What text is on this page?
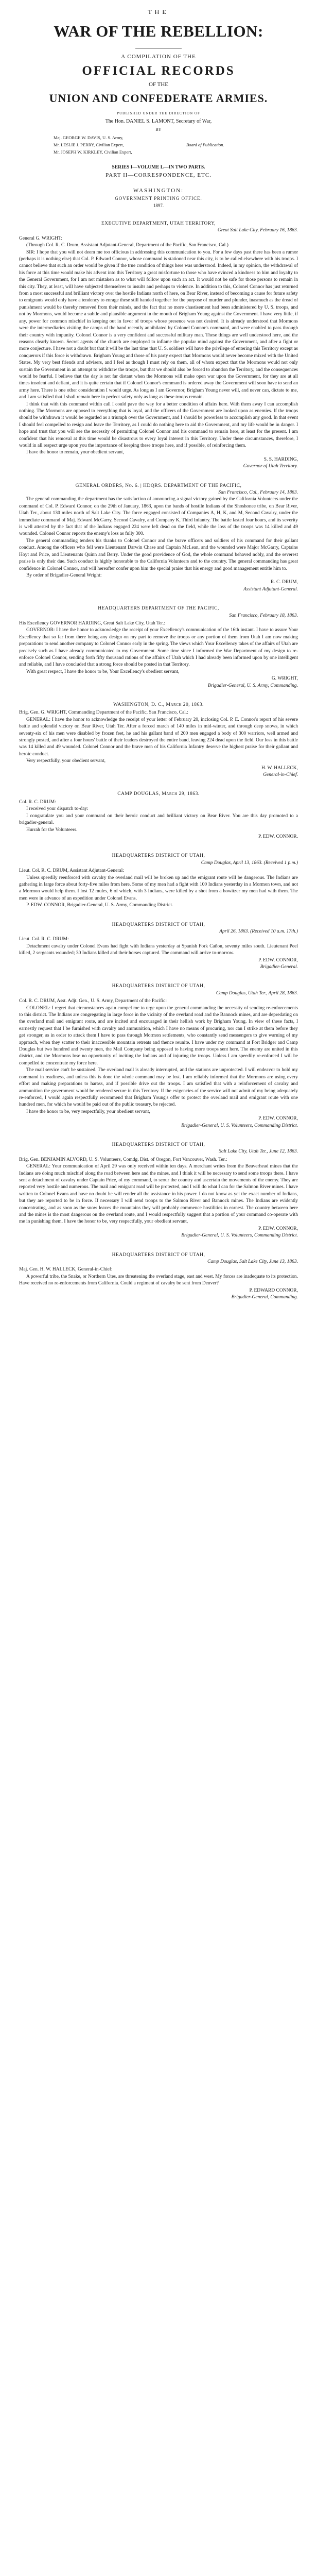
THE
WAR OF THE REBELLION:
A COMPILATION OF THE
OFFICIAL RECORDS
OF THE
UNION AND CONFEDERATE ARMIES.
PUBLISHED UNDER THE DIRECTION OF
The Hon. DANIEL S. LAMONT, Secretary of War,
BY
Maj. GEORGE W. DAVIS, U. S. Army,
Mr. LESLIE J. PERRY, Civilian Expert,	Board of Publication.
Mr. JOSEPH W. KIRKLEY, Civilian Expert,
SERIES I—VOLUME L—IN TWO PARTS.
PART II—CORRESPONDENCE, ETC.
WASHINGTON:
GOVERNMENT PRINTING OFFICE.
1897.

EXECUTIVE DEPARTMENT, UTAH TERRITORY,

Great Salt Lake City, February 16, 1863.

General G. WRIGHT:

(Through Col. R. C. Drum, Assistant Adjutant-General, Department of the Pacific, San Francisco, Cal.)

SIR: I hope that you will not deem me too officious in addressing this communication to you. For a few days past there has been a rumor (perhaps it is nothing else) that Col. P. Edward Connor, whose command is stationed near this city, is to be called elsewhere with his troops. I cannot believe that such an order would be given if the true condition of things here was understood. Indeed, in my opinion, the withdrawal of his force at this time would make his advent into this Territory a great misfortune to those who have evinced a kindness to him and loyalty to the General Government, for I am not mistaken as to what will follow upon such an act. It would not be safe for those persons to remain in this city. They, at least, will have subjected themselves to insults and perhaps to violence. In addition to this, Colonel Connor has just returned from a most successful and brilliant victory over the hostile Indians north of here, on Bear River, instead of becoming a cause for future safety to emigrants would only have a tendency to enrage these still banded together for the purpose of murder and plunder, inasmuch as the dread of punishment would be thereby removed from their minds, and the fact that no more chastisement had been administered by U. S. troops, and not by Mormons, would become a subtle and plausible argument in the mouth of Brigham Young against the Government. I have very little, if any, power for common mischief in keeping out in favor of troops whose presence was not desired. It is already understood that Mormons were the intermediaries visiting the camps of the band recently annihilated by Colonel Connor's command, and were enabled to pass through their country with impunity. Colonel Connor is a very confident and successful military man. These things are well understood here, and the reasons clearly known. Secret agents of the church are employed to inflame the popular mind against the Government, and after a fight or more conjecture. I have not a doubt but that it will be the last time that U. S. soldiers will have the privilege of entering this Territory except as conquerors if this force is withdrawn. Brigham Young and those of his party expect that Mormons would never become mixed with the United States. My very best friends and advisers, and I feel as though I must rely on them, all of whom expect that the Mormons would not only sustain the Government in an attempt to withdraw the troops, but that we should also be forced to abandon the Territory, and the consequences would be fearful. I believe that the day is not far distant when the Mormons will make open war upon the Government, for they are at all times insolent and defiant, and it is quite certain that if Colonel Connor's command is ordered away the Government will soon have to send an army here. There is one other consideration I would urge. As long as I am Governor, Brigham Young never will, and never can, dictate to me, and I am satisfied that I shall remain here in perfect safety only as long as these troops remain.

I think that with this command within call I could pave the way for a better condition of affairs here. With them away I can accomplish nothing. The Mormons are opposed to everything that is loyal, and the officers of the Government are looked upon as enemies. If the troops should be withdrawn it would be regarded as a triumph over the Government, and I should be powerless to accomplish any good. In that event I should feel compelled to resign and leave the Territory, as I could do nothing here to aid the Government, and my life would be in danger. I hope and trust that you will see the necessity of permitting Colonel Connor and his command to remain here, at least for the present. I am confident that his removal at this time would be disastrous to every loyal interest in this Territory. Under these circumstances, therefore, I would in all respect urge upon you the importance of keeping these troops here, and if possible, of reinforcing them.

I have the honor to remain, your obedient servant,

S. S. HARDING,

Governor of Utah Territory.

GENERAL ORDERS, No. 6. | HDQRS. DEPARTMENT OF THE PACIFIC,

San Francisco, Cal., February 14, 1863.

The general commanding the department has the satisfaction of announcing a signal victory gained by the California Volunteers under the command of Col. P. Edward Connor, on the 29th of January, 1863, upon the bands of hostile Indians of the Shoshonee tribe, on Bear River, Utah Ter., about 130 miles north of Salt Lake City. The force engaged consisted of Companies A, H, K, and M, Second Cavalry, under the immediate command of Maj. Edward McGarry, Second Cavalry, and Company K, Third Infantry. The battle lasted four hours, and its severity is well attested by the fact that of the Indians engaged 224 were left dead on the field, while the loss of the troops was 14 killed and 49 wounded. Colonel Connor reports the enemy's loss as fully 300.

The general commanding tenders his thanks to Colonel Connor and the brave officers and soldiers of his command for their gallant conduct. Among the officers who fell were Lieutenant Darwin Chase and Captain McLean, and the wounded were Major McGarry, Captains Hoyt and Price, and Lieutenants Quinn and Berry. Under the good providence of God, the whole command behaved nobly, and the severest praise is only their due. Such conduct is highly honorable to the California Volunteers and to the country. The general commanding has great confidence in Colonel Connor, and will hereafter confer upon him the special praise that his energy and good management entitle him to.

By order of Brigadier-General Wright:

R. C. DRUM,

Assistant Adjutant-General.

HEADQUARTERS DEPARTMENT OF THE PACIFIC,

San Francisco, February 18, 1863.

His Excellency GOVERNOR HARDING, Great Salt Lake City, Utah Ter.:

GOVERNOR: I have the honor to acknowledge the receipt of your Excellency's communication of the 16th instant. I have to assure Your Excellency that so far from there being any design on my part to remove the troops or any portion of them from Utah I am now making preparations to send another company to Colonel Connor early in the spring. The views which Your Excellency takes of the affairs of Utah are precisely such as I have already communicated to my Government. Some time since I informed the War Department of my design to re-enforce Colonel Connor, sending forth fifty thousand rations of the affairs of Utah which I had already been informed upon by one intelligent and reliable, and I have concluded that a strong force should be posted in that Territory.

With great respect, I have the honor to be, Your Excellency's obedient servant,

G. WRIGHT,

Brigadier-General, U. S. Army, Commanding.

WASHINGTON, D. C., March 20, 1863.

Brig. Gen. G. WRIGHT, Commanding Department of the Pacific, San Francisco, Cal.:

GENERAL: I have the honor to acknowledge the receipt of your letter of February 20, inclosing Col. P. E. Connor's report of his severe battle and splendid victory on Bear River, Utah Ter. After a forced march of 140 miles in mid-winter, and through deep snows, in which seventy-six of his men were disabled by frozen feet, he and his gallant band of 200 men engaged a body of 300 warriors, well armed and strongly posted, and after a four hours' battle of their leaders destroyed the entire band, leaving 224 dead upon the field. Our loss in this battle was 14 killed and 49 wounded. Colonel Connor and the brave men of his California Infantry deserve the highest praise for their gallant and heroic conduct.

Very respectfully, your obedient servant,

H. W. HALLECK,

General-in-Chief.

CAMP DOUGLAS, March 29, 1863.

Col. R. C. DRUM:

I received your dispatch to-day:

I congratulate you and your command on their heroic conduct and brilliant victory on Bear River. You are this day promoted to a brigadier-general.

Hurrah for the Volunteers.

P. EDW. CONNOR.

HEADQUARTERS DISTRICT OF UTAH,

Camp Douglas, April 13, 1863. (Received 1 p.m.)

Lieut. Col. R. C. DRUM, Assistant Adjutant-General:

Unless speedily reenforced with cavalry the overland mail will be broken up and the emigrant route will be dangerous. The Indians are gathering in large force about forty-five miles from here. Some of my men had a fight with 100 Indians yesterday in a Mormon town, and not a Mormon would help them. I lost 12 mules, 6 of which, with 3 Indians, were killed by a shot from a howitzer my men had with them. The men were in advance of an expedition under Colonel Evans.

P. EDW. CONNOR, Brigadier-General, U. S. Army, Commanding District.

HEADQUARTERS DISTRICT OF UTAH,

April 26, 1863. (Received 10 a.m. 17th.)

Lieut. Col. R. C. DRUM:

Detachment cavalry under Colonel Evans had fight with Indians yesterday at Spanish Fork Cañon, seventy miles south. Lieutenant Peel killed, 2 sergeants wounded; 30 Indians killed and their horses captured. The command will arrive to-morrow.

P. EDW. CONNOR,

Brigadier-General.

HEADQUARTERS DISTRICT OF UTAH,

Camp Douglas, Utah Ter., April 28, 1863.

Col. R. C. DRUM, Asst. Adjt. Gen., U. S. Army, Department of the Pacific:

COLONEL: I regret that circumstances again compel me to urge upon the general commanding the necessity of sending re-enforcements to this district. The Indians are congregating in large force in the vicinity of the overland road and the Bannock mines, and are depredating on the overland mail and emigrant route, and are incited and encouraged in their hellish work by Brigham Young. In view of these facts, I earnestly request that I be furnished with cavalry and ammunition, which I have no means of procuring, nor can I strike at them before they get stronger, as in order to attack them I have to pass through Mormon settlements, who constantly send messengers to give warning of my approach, when they scatter to their inaccessible mountain retreats and thence reunite. I have under my command at Fort Bridger and Camp Douglas but two hundred and twenty men, the Mail Company being opposed to having more troops sent here. The enemy are united in this district, and the Mormons lose no opportunity of inciting the Indians and of injuring the troops. Unless I am speedily re-enforced I will be compelled to concentrate my force here.

The mail service can't be sustained. The overland mail is already interrupted, and the stations are unprotected. I will endeavor to hold my command in readiness, and unless this is done the whole command may be lost. I am reliably informed that the Mormons are using every effort and making preparations to harass, and if possible drive out the troops. I am satisfied that with a reinforcement of cavalry and ammunition the government would be rendered secure in this Territory. If the exigencies of the service will not admit of my being adequately re-enforced, I would again respectfully recommend that Brigham Young's offer to protect the overland mail and emigrant route with one hundred men, for which he would be paid out of the public treasury, be rejected.

I have the honor to be, very respectfully, your obedient servant,

P. EDW. CONNOR,

Brigadier-General, U. S. Volunteers, Commanding District.

HEADQUARTERS DISTRICT OF UTAH,

Salt Lake City, Utah Ter., June 12, 1863.

Brig. Gen. BENJAMIN ALVORD, U. S. Volunteers, Comdg. Dist. of Oregon, Fort Vancouver, Wash. Ter.:

GENERAL: Your communication of April 29 was only received within ten days. A merchant writes from the Beaverhead mines that the Indians are doing much mischief along the road between here and the mines, and I think it will be necessary to send some troops there. I have sent a detachment of cavalry under Captain Price, of my command, to scour the country and ascertain the movements of the enemy. They are reported very hostile and numerous. The mail and emigrant road will be protected, and I will do what I can for the Salmon River mines. I have written to Colonel Evans and have no doubt he will render all the assistance in his power. I do not know as yet the exact number of Indians, but they are reported to be in force. If necessary I will send troops to the Salmon River and Bannock mines. The Indians are evidently concentrating, and as soon as the snow leaves the mountains they will probably commence hostilities in earnest. The country between here and the mines is the most dangerous on the overland route, and I would respectfully suggest that a portion of your command co-operate with me in punishing them. I have the honor to be, very respectfully, your obedient servant,

P. EDW. CONNOR,

Brigadier-General, U. S. Volunteers, Commanding District.

HEADQUARTERS DISTRICT OF UTAH,

Camp Douglas, Salt Lake City, June 13, 1863.

Maj. Gen. H. W. HALLECK, General-in-Chief:

A powerful tribe, the Snake, or Northern Utes, are threatening the overland stage, east and west. My forces are inadequate to its protection. Have received no re-enforcements from California. Could a regiment of cavalry be sent from Denver?

P. EDWARD CONNOR,

Brigadier-General, Commanding.
